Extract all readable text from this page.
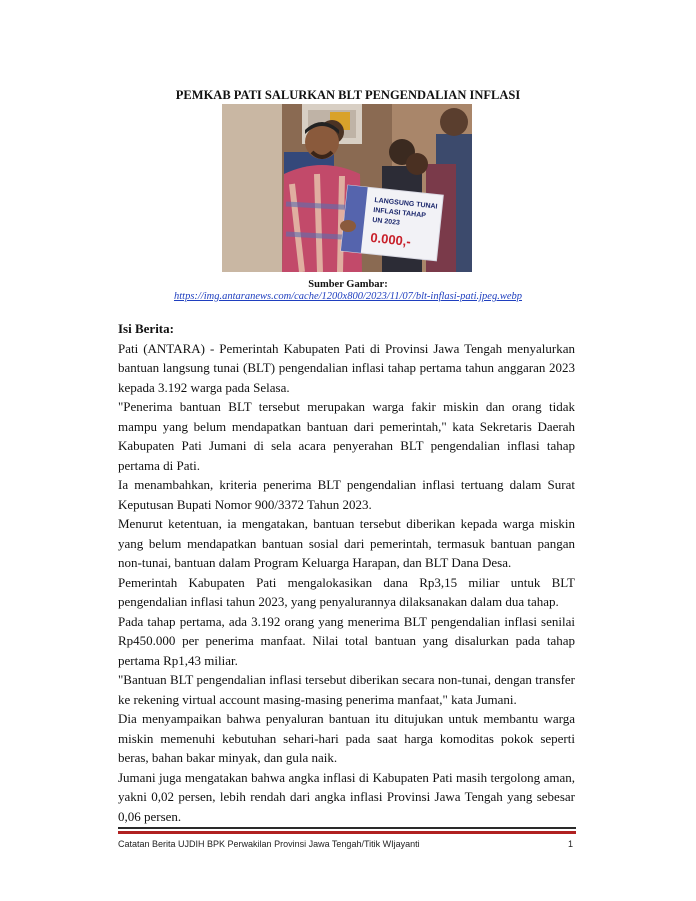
PEMKAB PATI SALURKAN BLT PENGENDALIAN INFLASI
LANGSUNG TUNAI
INFLASI TAHAP
UN 2023
0.000,-
Sumber Gambar:
https://img.antaranews.com/cache/1200x800/2023/11/07/blt-inflasi-pati.jpeg.webp
Isi Berita:

Pati (ANTARA) - Pemerintah Kabupaten Pati di Provinsi Jawa Tengah menyalurkan bantuan langsung tunai (BLT) pengendalian inflasi tahap pertama tahun anggaran 2023 kepada 3.192 warga pada Selasa.

"Penerima bantuan BLT tersebut merupakan warga fakir miskin dan orang tidak mampu yang belum mendapatkan bantuan dari pemerintah," kata Sekretaris Daerah Kabupaten Pati Jumani di sela acara penyerahan BLT pengendalian inflasi tahap pertama di Pati.

Ia menambahkan, kriteria penerima BLT pengendalian inflasi tertuang dalam Surat Keputusan Bupati Nomor 900/3372 Tahun 2023.

Menurut ketentuan, ia mengatakan, bantuan tersebut diberikan kepada warga miskin yang belum mendapatkan bantuan sosial dari pemerintah, termasuk bantuan pangan non-tunai, bantuan dalam Program Keluarga Harapan, dan BLT Dana Desa.

Pemerintah Kabupaten Pati mengalokasikan dana Rp3,15 miliar untuk BLT pengendalian inflasi tahun 2023, yang penyalurannya dilaksanakan dalam dua tahap.

Pada tahap pertama, ada 3.192 orang yang menerima BLT pengendalian inflasi senilai Rp450.000 per penerima manfaat. Nilai total bantuan yang disalurkan pada tahap pertama Rp1,43 miliar.

"Bantuan BLT pengendalian inflasi tersebut diberikan secara non-tunai, dengan transfer ke rekening virtual account masing-masing penerima manfaat," kata Jumani.

Dia menyampaikan bahwa penyaluran bantuan itu ditujukan untuk membantu warga miskin memenuhi kebutuhan sehari-hari pada saat harga komoditas pokok seperti beras, bahan bakar minyak, dan gula naik.

Jumani juga mengatakan bahwa angka inflasi di Kabupaten Pati masih tergolong aman, yakni 0,02 persen, lebih rendah dari angka inflasi Provinsi Jawa Tengah yang sebesar 0,06 persen.

Catatan Berita UJDIH BPK Perwakilan Provinsi Jawa Tengah/Titik WIjayanti	1
